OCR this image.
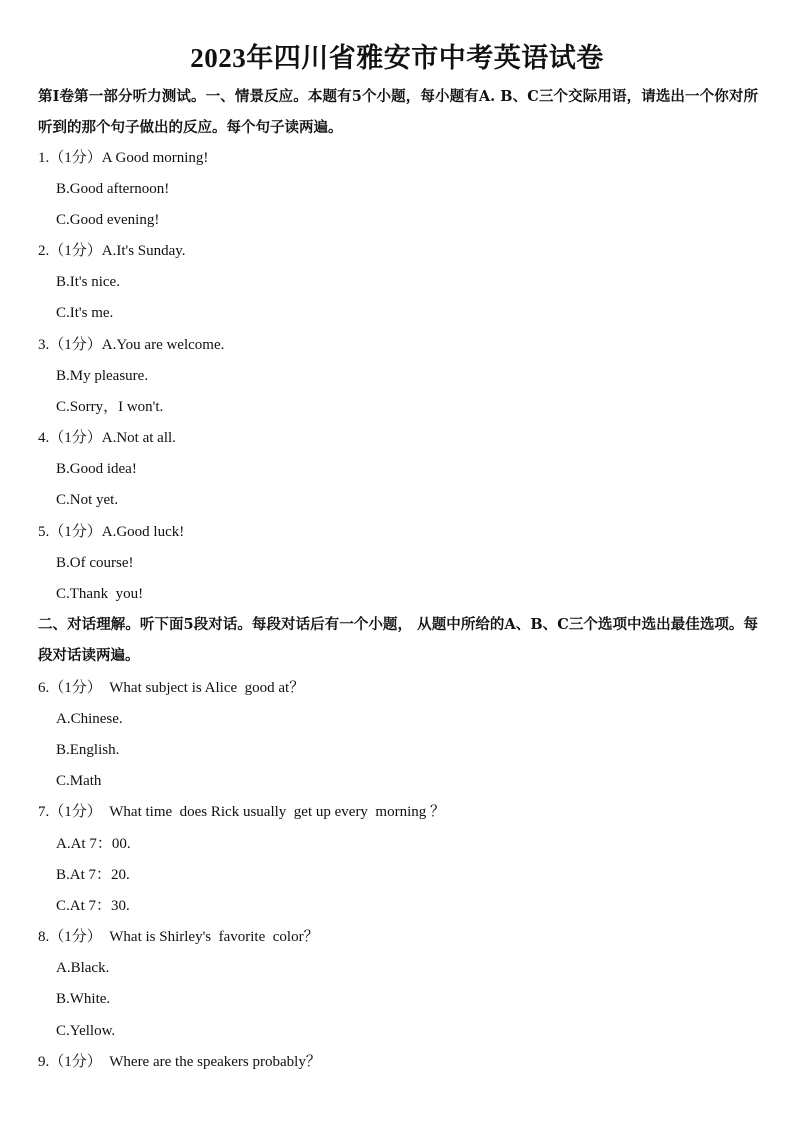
2023年四川省雅安市中考英语试卷
第Ⅰ卷第一部分听力测试。一、情景反应。本题有5个小题，每小题有A. B、C三个交际用语，请选出一个你对所听到的那个句子做出的反应。每个句子读两遍。
1.（1分）A Good morning!
B.Good afternoon!
C.Good evening!
2.（1分）A.It's Sunday.
B.It's nice.
C.It's me.
3.（1分）A.You are welcome.
B.My pleasure.
C.Sorry，I won't.
4.（1分）A.Not at all.
B.Good idea!
C.Not yet.
5.（1分）A.Good luck!
B.Of course!
C.Thank  you!
二、对话理解。听下面5段对话。每段对话后有一个小题， 从题中所给的A、B、C三个选项中选出最佳选项。每段对话读两遍。
6.（1分）  What subject is Alice  good at？
A.Chinese.
B.English.
C.Math
7.（1分）  What time  does Rick usually  get up every  morning ？
A.At 7：00.
B.At 7：20.
C.At 7：30.
8.（1分）  What is Shirley's  favorite  color？
A.Black.
B.White.
C.Yellow.
9.（1分）  Where are the speakers probably？
